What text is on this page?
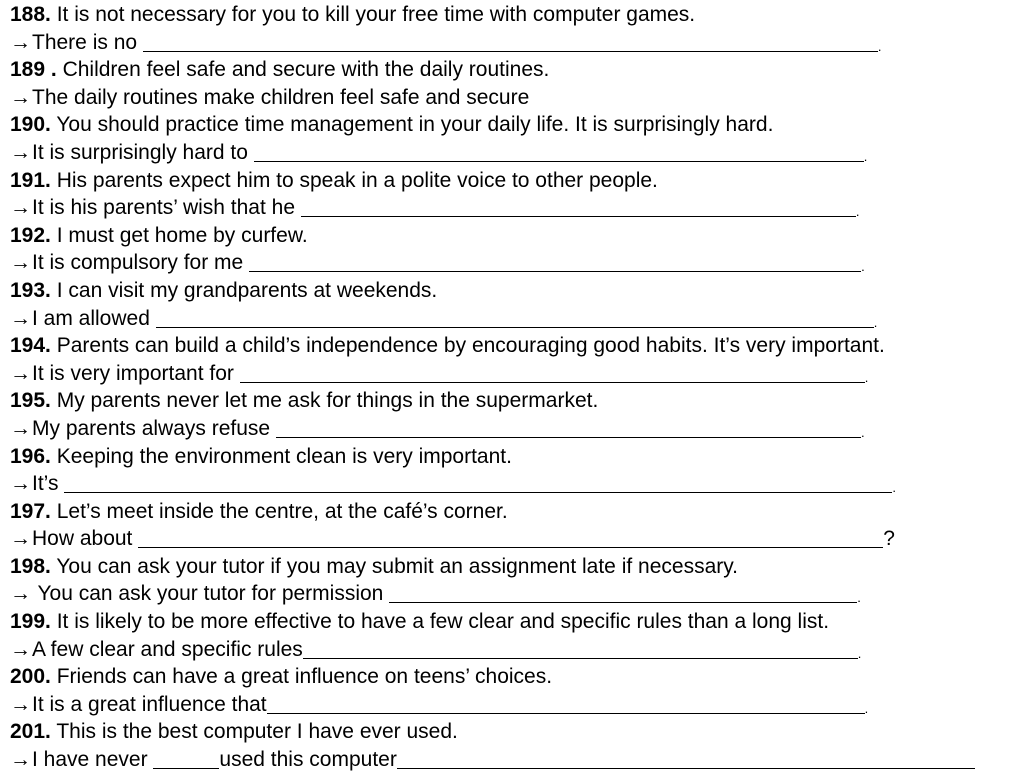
188. It is not necessary for you to kill your free time with computer games.
→There is no	.
189 . Children feel safe and secure with the daily routines.
→The daily routines make children feel safe and secure
190. You should practice time management in your daily life. It is surprisingly hard.
→It is surprisingly hard to	.
191. His parents expect him to speak in a polite voice to other people.
→It is his parents’ wish that he	.
192. I must get home by curfew.
→It is compulsory for me	.
193. I can visit my grandparents at weekends.
→I am allowed	.
194. Parents can build a child’s independence by encouraging good habits. It’s very important.
→It is very important for	.
195. My parents never let me ask for things in the supermarket.
→My parents always refuse	.
196. Keeping the environment clean is very important.
→It’s	.
197. Let’s meet inside the centre, at the café’s corner.
→How about	?
198. You can ask your tutor if you may submit an assignment late if necessary.
→ You can ask your tutor for permission	.
199. It is likely to be more effective to have a few clear and specific rules than a long list.
→A few clear and specific rules	.
200. Friends can have a great influence on teens’ choices.
→It is a great influence that	.
201. This is the best computer I have ever used.
→I have never	used this computer
